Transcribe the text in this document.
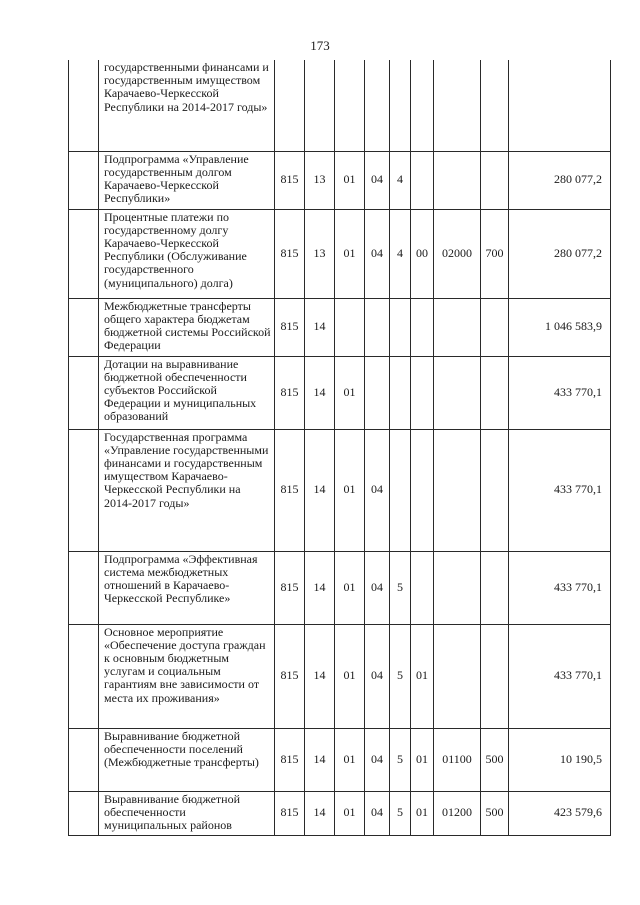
173
	государственными финансами и государственным имуществом Карачаево-Черкесской Республики на 2014-2017 годы»									
	Подпрограмма «Управление государственным долгом Карачаево-Черкесской Республики»	815	13	01	04	4				280 077,2
	Процентные платежи по государственному долгу Карачаево-Черкесской Республики (Обслуживание государственного (муниципального) долга)	815	13	01	04	4	00	02000	700	280 077,2
	Межбюджетные трансферты общего характера бюджетам бюджетной системы Российской Федерации	815	14							1 046 583,9
	Дотации на выравнивание бюджетной обеспеченности субъектов Российской Федерации и муниципальных образований	815	14	01						433 770,1
	Государственная программа «Управление государственными финансами и государственным имуществом Карачаево-Черкесской Республики на 2014-2017 годы»	815	14	01	04					433 770,1
	Подпрограмма «Эффективная система межбюджетных отношений в Карачаево-Черкесской Республике»	815	14	01	04	5				433 770,1
	Основное мероприятие «Обеспечение доступа граждан к основным бюджетным услугам и социальным гарантиям вне зависимости от места их проживания»	815	14	01	04	5	01			433 770,1
	Выравнивание бюджетной обеспеченности поселений (Межбюджетные трансферты)	815	14	01	04	5	01	01100	500	10 190,5
	Выравнивание бюджетной обеспеченности муниципальных районов	815	14	01	04	5	01	01200	500	423 579,6
